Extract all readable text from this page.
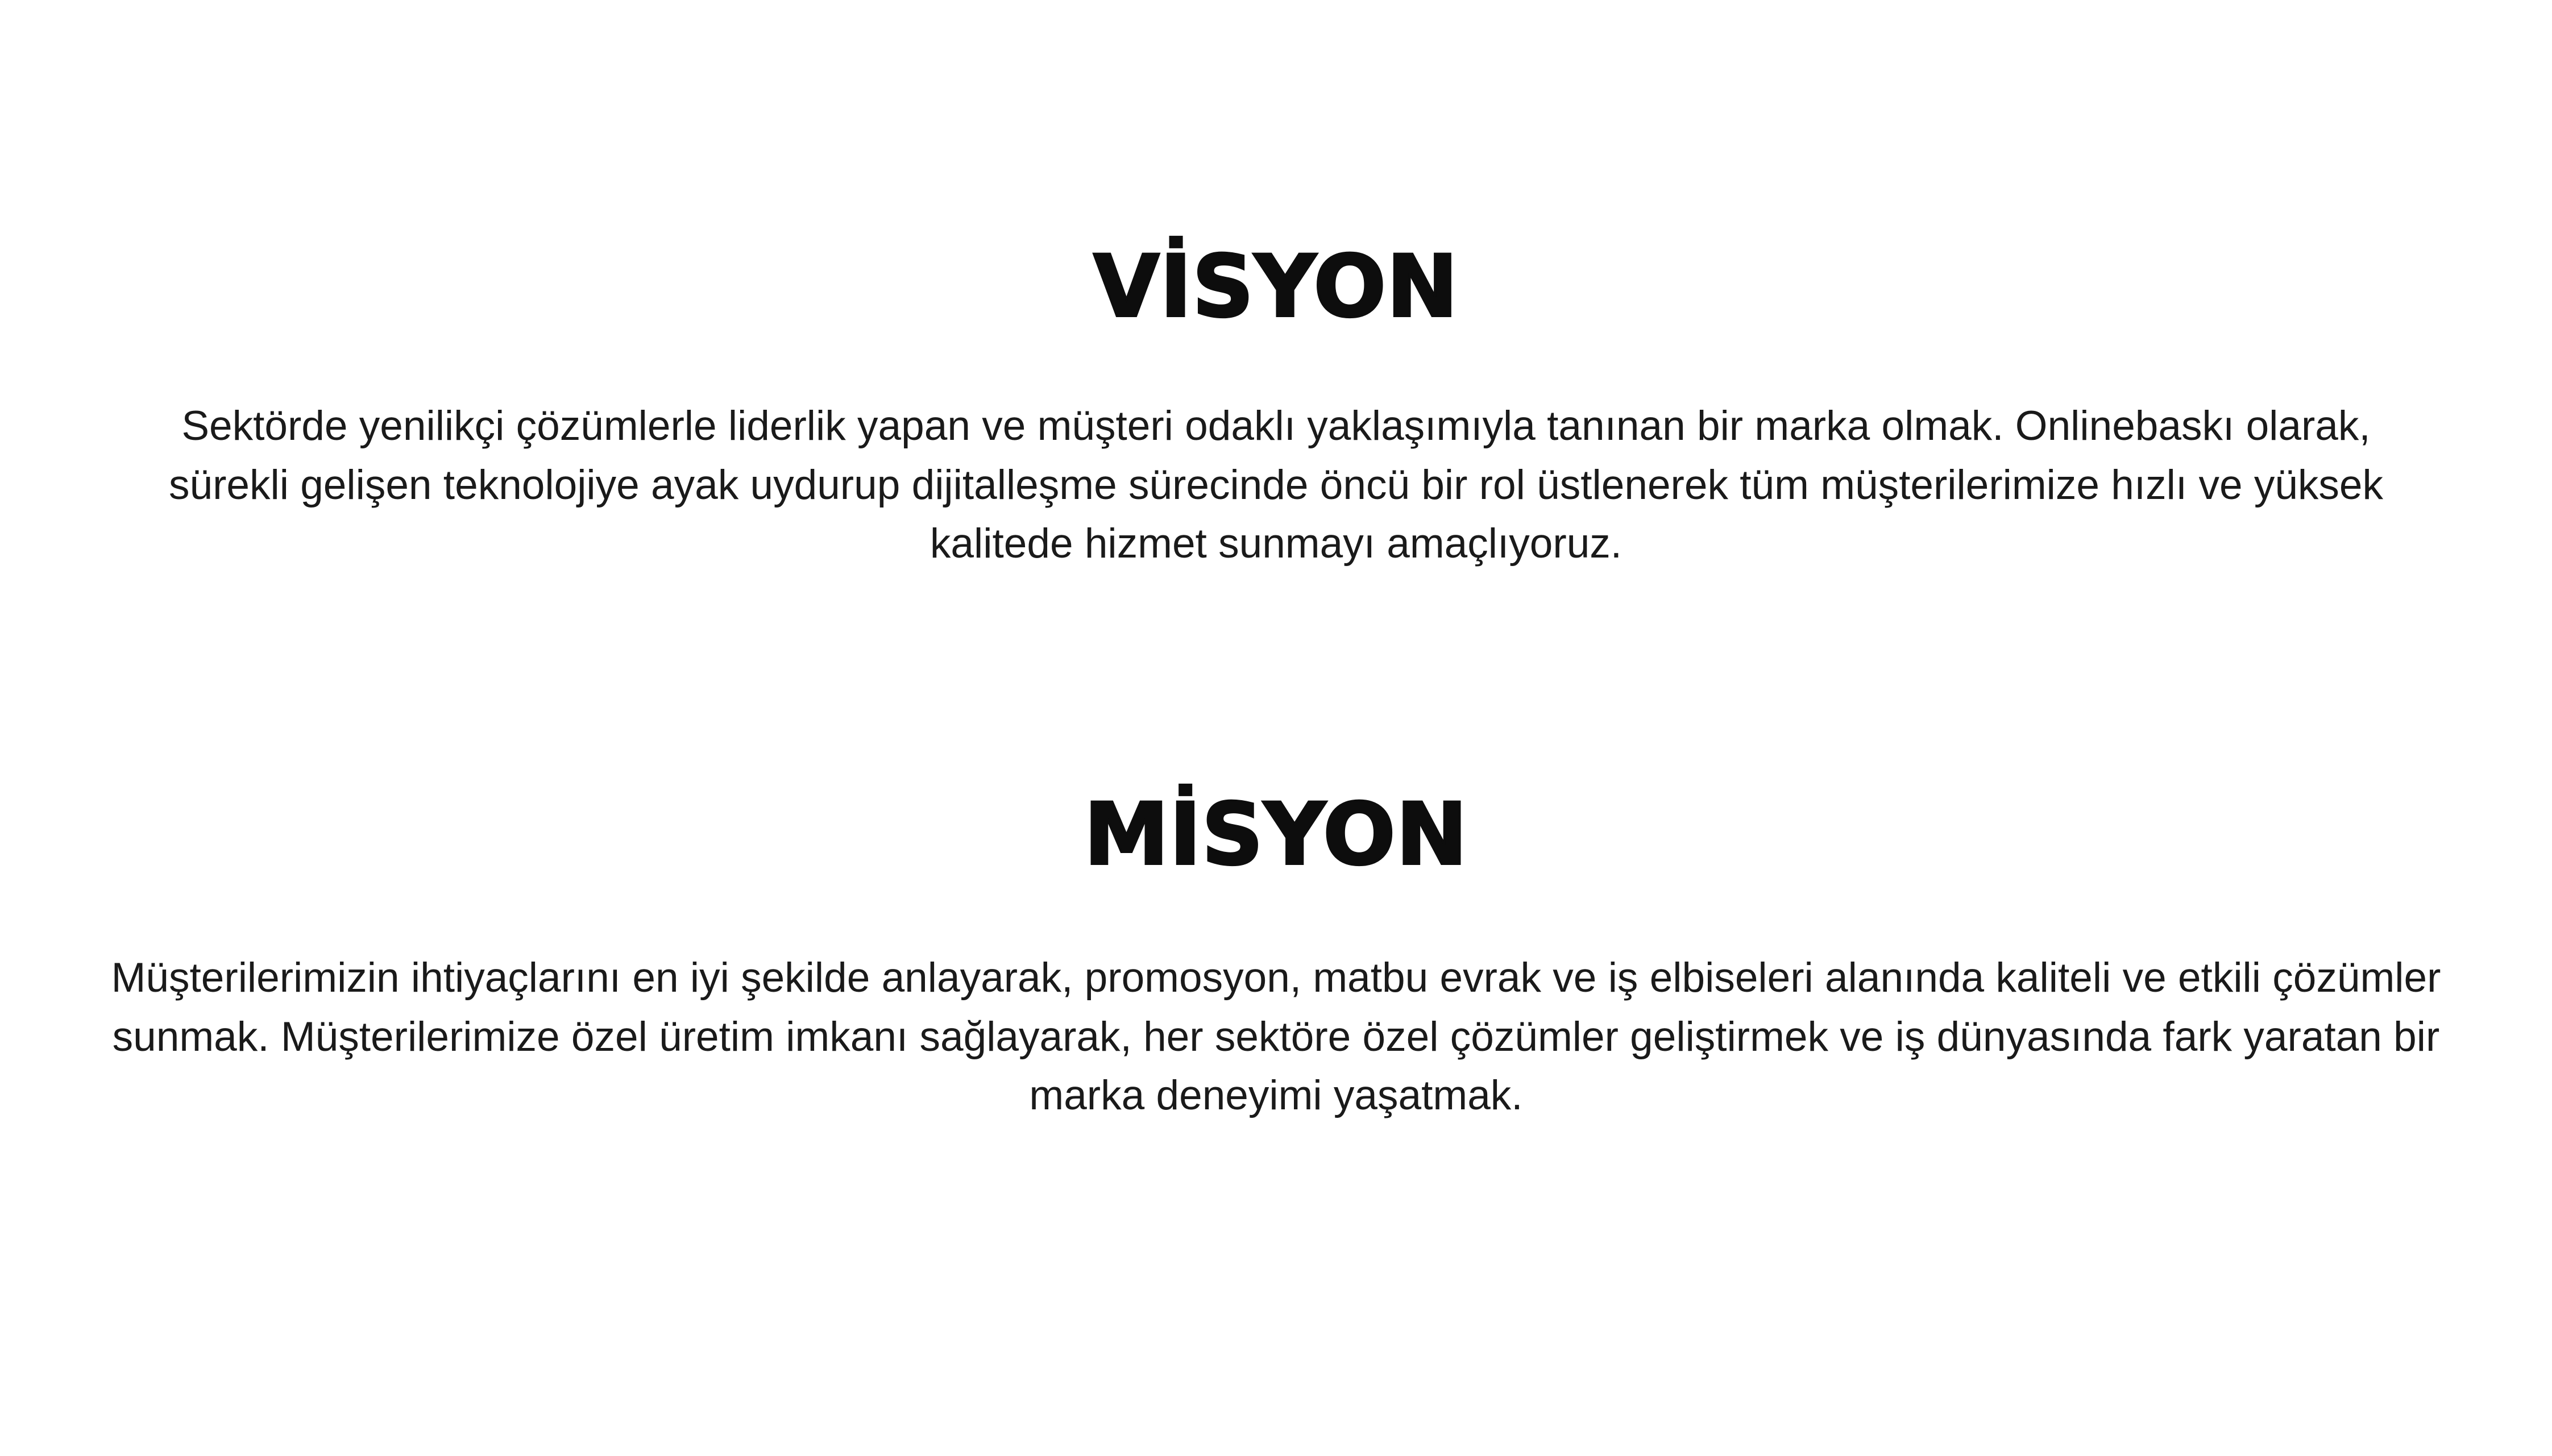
VİSYON

Sektörde yenilikçi çözümlerle liderlik yapan ve müşteri odaklı yaklaşımıyla tanınan bir marka olmak. Onlinebaskı olarak, sürekli gelişen teknolojiye ayak uydurup dijitalleşme sürecinde öncü bir rol üstlenerek tüm müşterilerimize hızlı ve yüksek kalitede hizmet sunmayı amaçlıyoruz.

MİSYON

Müşterilerimizin ihtiyaçlarını en iyi şekilde anlayarak, promosyon, matbu evrak ve iş elbiseleri alanında kaliteli ve etkili çözümler sunmak. Müşterilerimize özel üretim imkanı sağlayarak, her sektöre özel çözümler geliştirmek ve iş dünyasında fark yaratan bir marka deneyimi yaşatmak.
